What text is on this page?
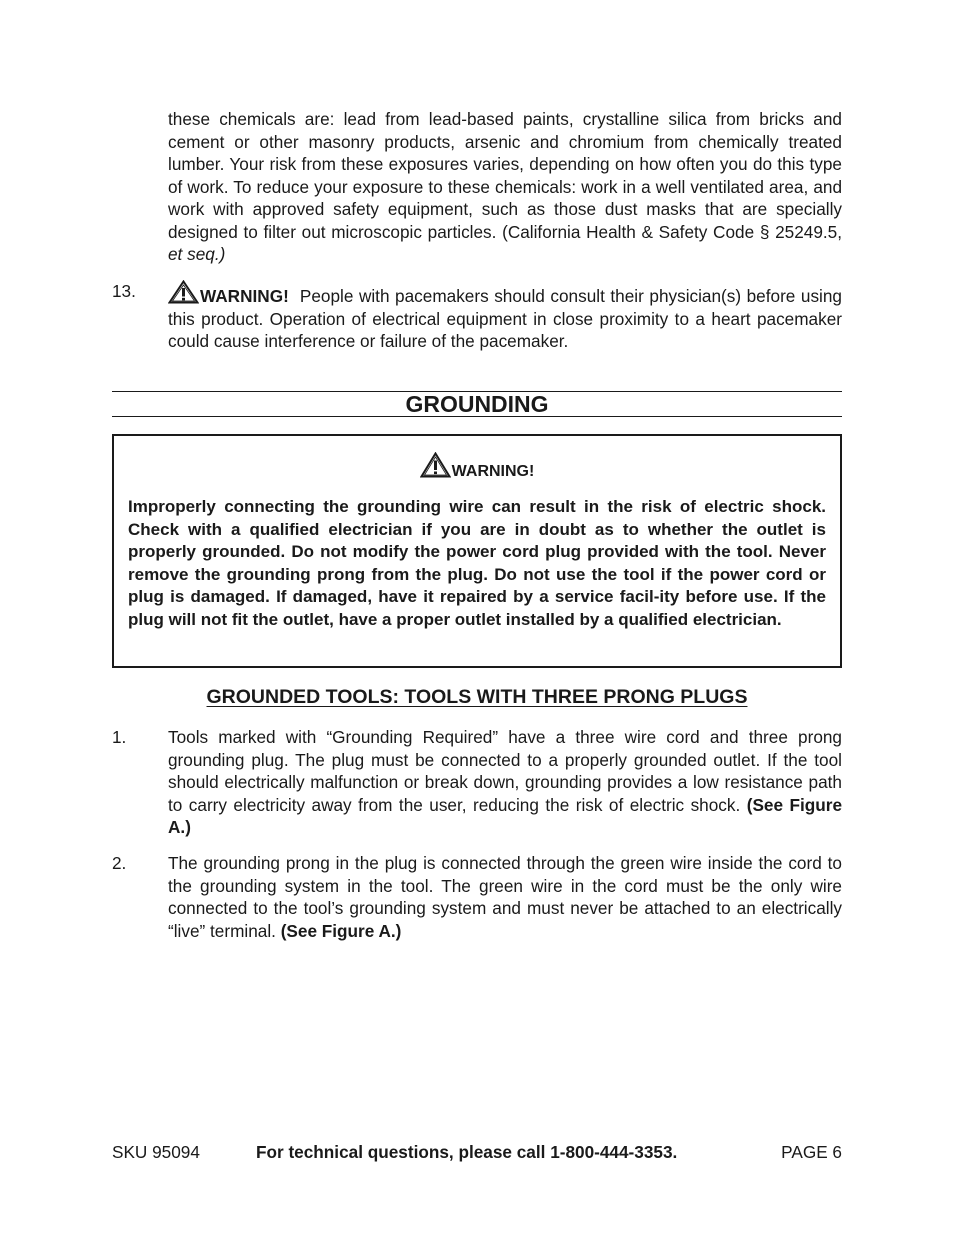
these chemicals are: lead from lead-based paints, crystalline silica from bricks and cement or other masonry products, arsenic and chromium from chemically treated lumber. Your risk from these exposures varies, depending on how often you do this type of work. To reduce your exposure to these chemicals: work in a well ventilated area, and work with approved safety equipment, such as those dust masks that are specially designed to filter out microscopic particles. (California Health & Safety Code § 25249.5, et seq.)
13.	WARNING! People with pacemakers should consult their physician(s) before using this product. Operation of electrical equipment in close proximity to a heart pacemaker could cause interference or failure of the pacemaker.
GROUNDING
WARNING!
Improperly connecting the grounding wire can result in the risk of electric shock. Check with a qualified electrician if you are in doubt as to whether the outlet is properly grounded. Do not modify the power cord plug provided with the tool. Never remove the grounding prong from the plug. Do not use the tool if the power cord or plug is damaged. If damaged, have it repaired by a service facil-ity before use. If the plug will not fit the outlet, have a proper outlet installed by a qualified electrician.
GROUNDED TOOLS: TOOLS WITH THREE PRONG PLUGS
1. Tools marked with “Grounding Required” have a three wire cord and three prong grounding plug. The plug must be connected to a properly grounded outlet. If the tool should electrically malfunction or break down, grounding provides a low resistance path to carry electricity away from the user, reducing the risk of electric shock. (See Figure A.)
2. The grounding prong in the plug is connected through the green wire inside the cord to the grounding system in the tool. The green wire in the cord must be the only wire connected to the tool’s grounding system and must never be attached to an electrically “live” terminal. (See Figure A.)
SKU 95094	For technical questions, please call 1-800-444-3353.	PAGE 6
